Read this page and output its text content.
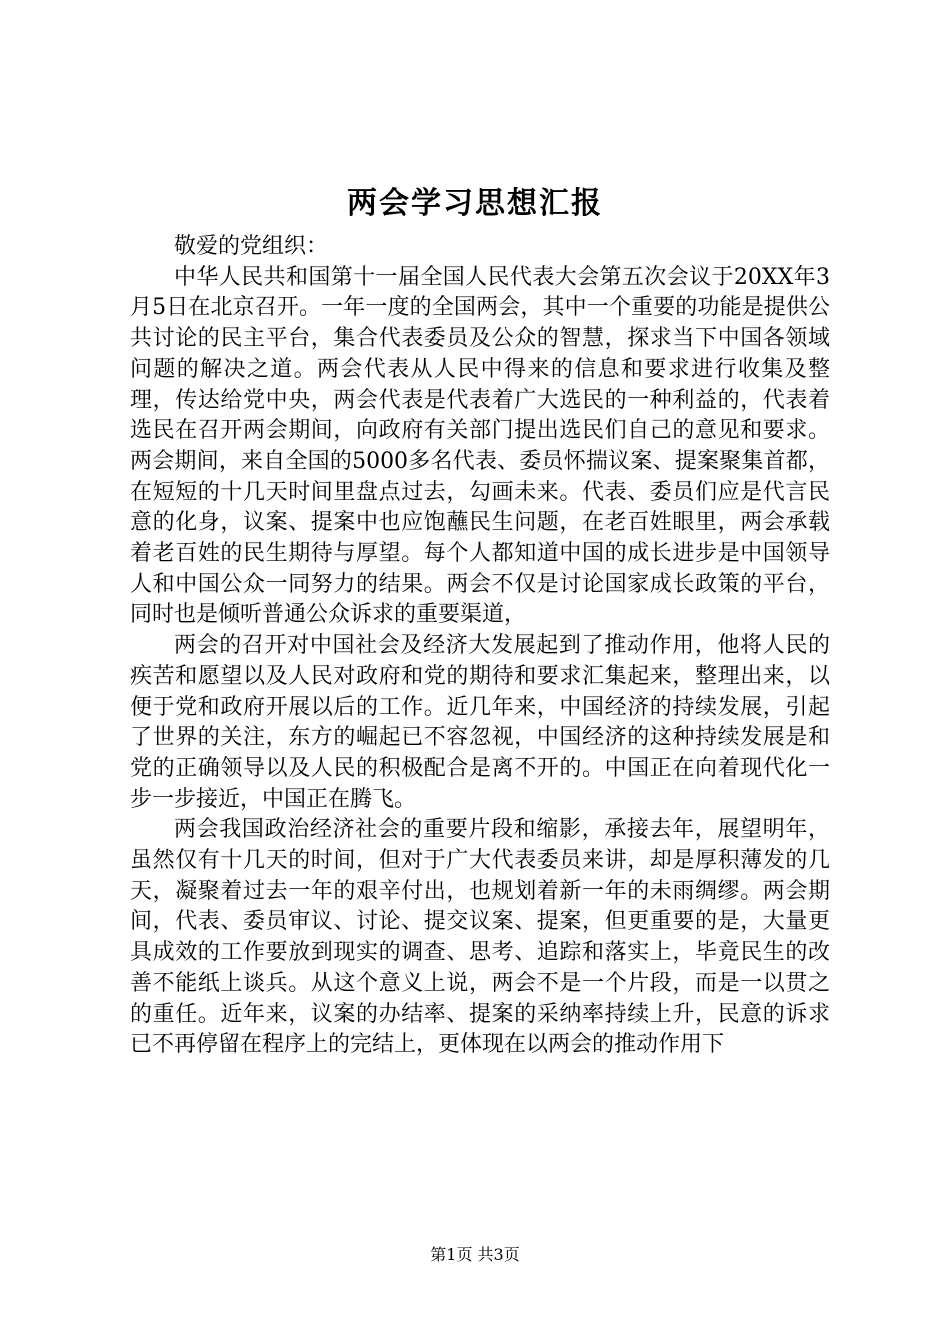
两会学习思想汇报

敬爱的党组织：

中华人民共和国第十一届全国人民代表大会第五次会议于20XX年3月5日在北京召开。一年一度的全国两会，其中一个重要的功能是提供公共讨论的民主平台，集合代表委员及公众的智慧，探求当下中国各领域问题的解决之道。两会代表从人民中得来的信息和要求进行收集及整理，传达给党中央，两会代表是代表着广大选民的一种利益的，代表着选民在召开两会期间，向政府有关部门提出选民们自己的意见和要求。两会期间，来自全国的5000多名代表、委员怀揣议案、提案聚集首都，在短短的十几天时间里盘点过去，勾画未来。代表、委员们应是代言民意的化身，议案、提案中也应饱蘸民生问题，在老百姓眼里，两会承载着老百姓的民生期待与厚望。每个人都知道中国的成长进步是中国领导人和中国公众一同努力的结果。两会不仅是讨论国家成长政策的平台，同时也是倾听普通公众诉求的重要渠道，

两会的召开对中国社会及经济大发展起到了推动作用，他将人民的疾苦和愿望以及人民对政府和党的期待和要求汇集起来，整理出来，以便于党和政府开展以后的工作。近几年来，中国经济的持续发展，引起了世界的关注，东方的崛起已不容忽视，中国经济的这种持续发展是和党的正确领导以及人民的积极配合是离不开的。中国正在向着现代化一步一步接近，中国正在腾飞。

两会我国政治经济社会的重要片段和缩影，承接去年，展望明年，虽然仅有十几天的时间，但对于广大代表委员来讲，却是厚积薄发的几天，凝聚着过去一年的艰辛付出，也规划着新一年的未雨绸缪。两会期间，代表、委员审议、讨论、提交议案、提案，但更重要的是，大量更具成效的工作要放到现实的调查、思考、追踪和落实上，毕竟民生的改善不能纸上谈兵。从这个意义上说，两会不是一个片段，而是一以贯之的重任。近年来，议案的办结率、提案的采纳率持续上升，民意的诉求已不再停留在程序上的完结上，更体现在以两会的推动作用下

第1页 共3页
